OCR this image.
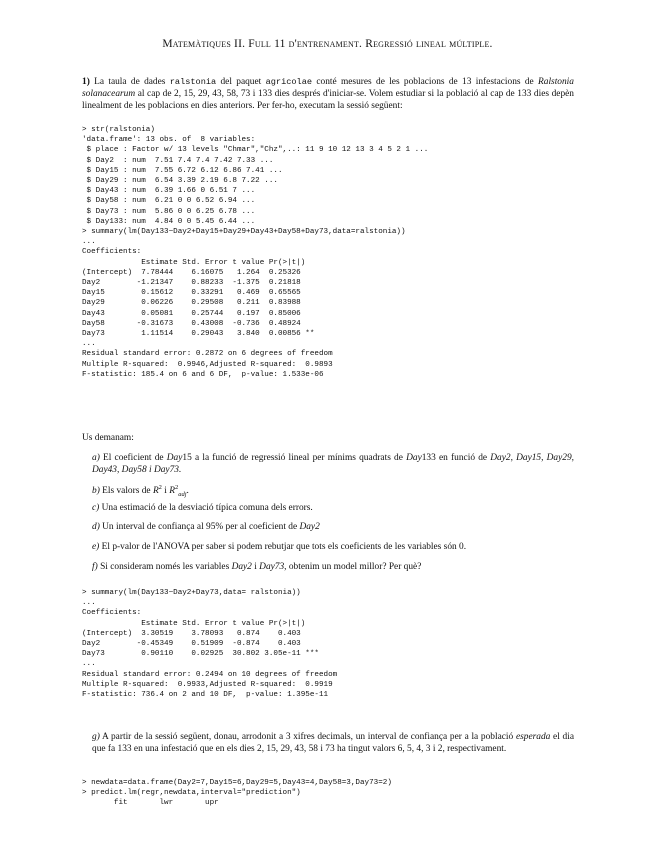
Matemàtiques II. Full 11 d'entrenament. Regressió lineal múltiple.
1) La taula de dades ralstonia del paquet agricolae conté mesures de les poblacions de 13 infestacions de Ralstonia solanacearum al cap de 2, 15, 29, 43, 58, 73 i 133 dies després d'iniciar-se. Volem estudiar si la població al cap de 133 dies depèn linealment de les poblacions en dies anteriors. Per fer-ho, executam la sessió següent:
> str(ralstonia)
'data.frame': 13 obs. of  8 variables:
$ place : Factor w/ 13 levels "Chmar","Chz",..: 11 9 10 12 13 3 4 5 2 1 ...
$ Day2  : num  7.51 7.4 7.4 7.42 7.33 ...
$ Day15 : num  7.55 6.72 6.12 6.86 7.41 ...
$ Day29 : num  6.54 3.39 2.19 6.8 7.22 ...
$ Day43 : num  6.39 1.66 0 6.51 7 ...
$ Day58 : num  6.21 0 0 6.52 6.94 ...
$ Day73 : num  5.86 0 0 6.25 6.78 ...
$ Day133: num  4.84 0 0 5.45 6.44 ...
> summary(lm(Day133~Day2+Day15+Day29+Day43+Day58+Day73,data=ralstonia))
...
Coefficients:
Estimate Std. Error t value Pr(>|t|)
(Intercept)  7.78444    6.16075   1.264  0.25326
Day2        -1.21347    0.88233  -1.375  0.21818
Day15        0.15612    0.33291   0.469  0.65565
Day29        0.06226    0.29508   0.211  0.83988
Day43        0.05081    0.25744   0.197  0.85006
Day58       -0.31673    0.43008  -0.736  0.48924
Day73        1.11514    0.29043   3.840  0.00856 **
...
Residual standard error: 0.2872 on 6 degrees of freedom
Multiple R-squared:  0.9946,Adjusted R-squared:  0.9893
F-statistic: 185.4 on 6 and 6 DF,  p-value: 1.533e-06
Us demanam:
a) El coeficient de Day15 a la funció de regressió lineal per mínims quadrats de Day133 en funció de Day2, Day15, Day29, Day43, Day58 i Day73.
b) Els valors de $R^2$ i $R^2_{adj}$.
c) Una estimació de la desviació típica comuna dels errors.
d) Un interval de confiança al 95% per al coeficient de Day2
e) El p-valor de l'ANOVA per saber si podem rebutjar que tots els coeficients de les variables són 0.
f) Si consideram només les variables Day2 i Day73, obtenim un model millor? Per què?
> summary(lm(Day133~Day2+Day73,data= ralstonia))
...
Coefficients:
Estimate Std. Error t value Pr(>|t|)
(Intercept)  3.30519    3.78093   0.874    0.403
Day2        -0.45349    0.51909  -0.874    0.403
Day73        0.90110    0.02925  30.802 3.05e-11 ***
...
Residual standard error: 0.2494 on 10 degrees of freedom
Multiple R-squared:  0.9933,Adjusted R-squared:  0.9919
F-statistic: 736.4 on 2 and 10 DF,  p-value: 1.395e-11
g) A partir de la sessió següent, donau, arrodonit a 3 xifres decimals, un interval de confiança per a la població esperada el dia que fa 133 en una infestació que en els dies 2, 15, 29, 43, 58 i 73 ha tingut valors 6, 5, 4, 3 i 2, respectivament.
> newdata=data.frame(Day2=7,Day15=6,Day29=5,Day43=4,Day58=3,Day73=2)
> predict.lm(regr,newdata,interval="prediction")
fit       lwr       upr
